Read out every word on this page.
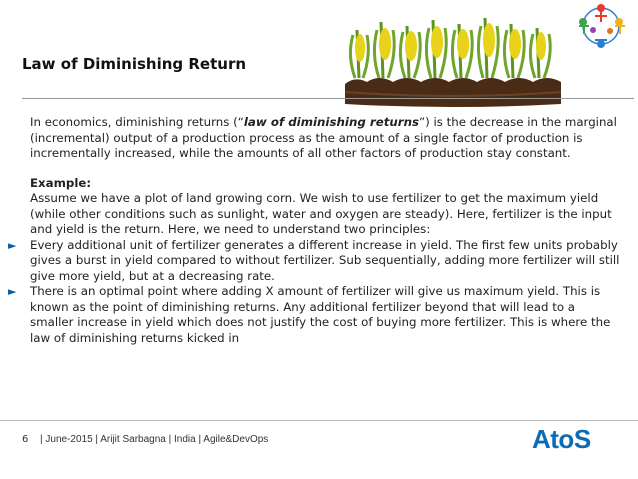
Law of Diminishing Return

In economics, diminishing returns (“law of diminishing returns”) is the decrease in the marginal (incremental) output of a production process as the amount of a single factor of production is incrementally increased, while the amounts of all other factors of production stay constant.

Example:

Assume we have a plot of land growing corn. We wish to use fertilizer to get the maximum yield (while other conditions such as sunlight, water and oxygen are steady). Here, fertilizer is the input and yield is the return. Here, we need to understand two principles:

► Every additional unit of fertilizer generates a different increase in yield. The first few units probably gives a burst in yield compared to without fertilizer. Sub sequentially, adding more fertilizer will still give more yield, but at a decreasing rate.
► There is an optimal point where adding X amount of fertilizer will give us maximum yield. This is known as the point of diminishing returns. Any additional fertilizer beyond that will lead to a smaller increase in yield which does not justify the cost of buying more fertilizer. This is where the law of diminishing returns kicked in
6 | June-2015 | Arijit Sarbagna | India | Agile&DevOps	AtoS
